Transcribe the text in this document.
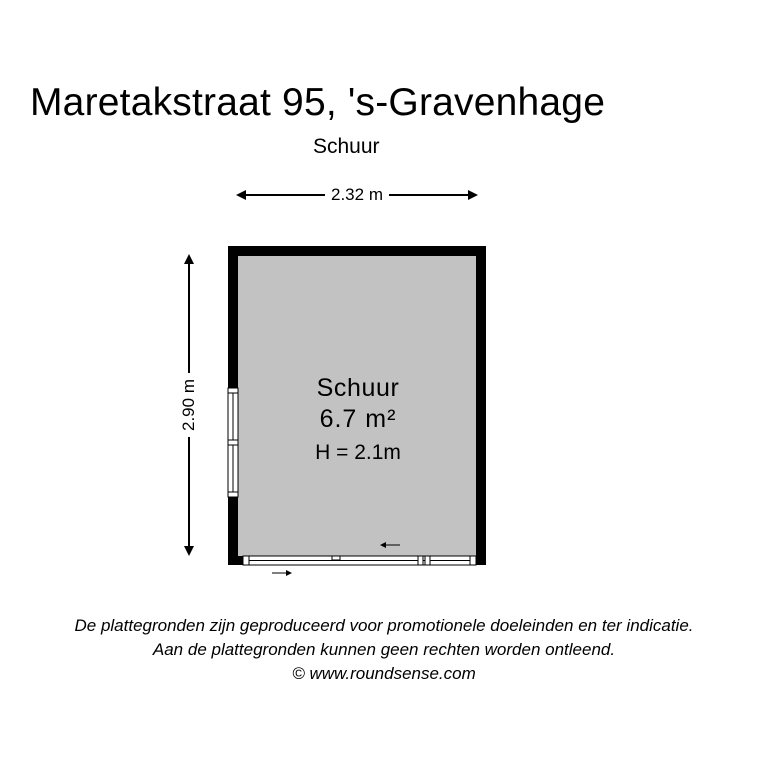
Maretakstraat 95, 's-Gravenhage
Schuur
2.32 m
2.90 m	Schuur
6.7 m²
H = 2.1m
De plattegronden zijn geproduceerd voor promotionele doeleinden en ter indicatie.
Aan de plattegronden kunnen geen rechten worden ontleend.
© www.roundsense.com
